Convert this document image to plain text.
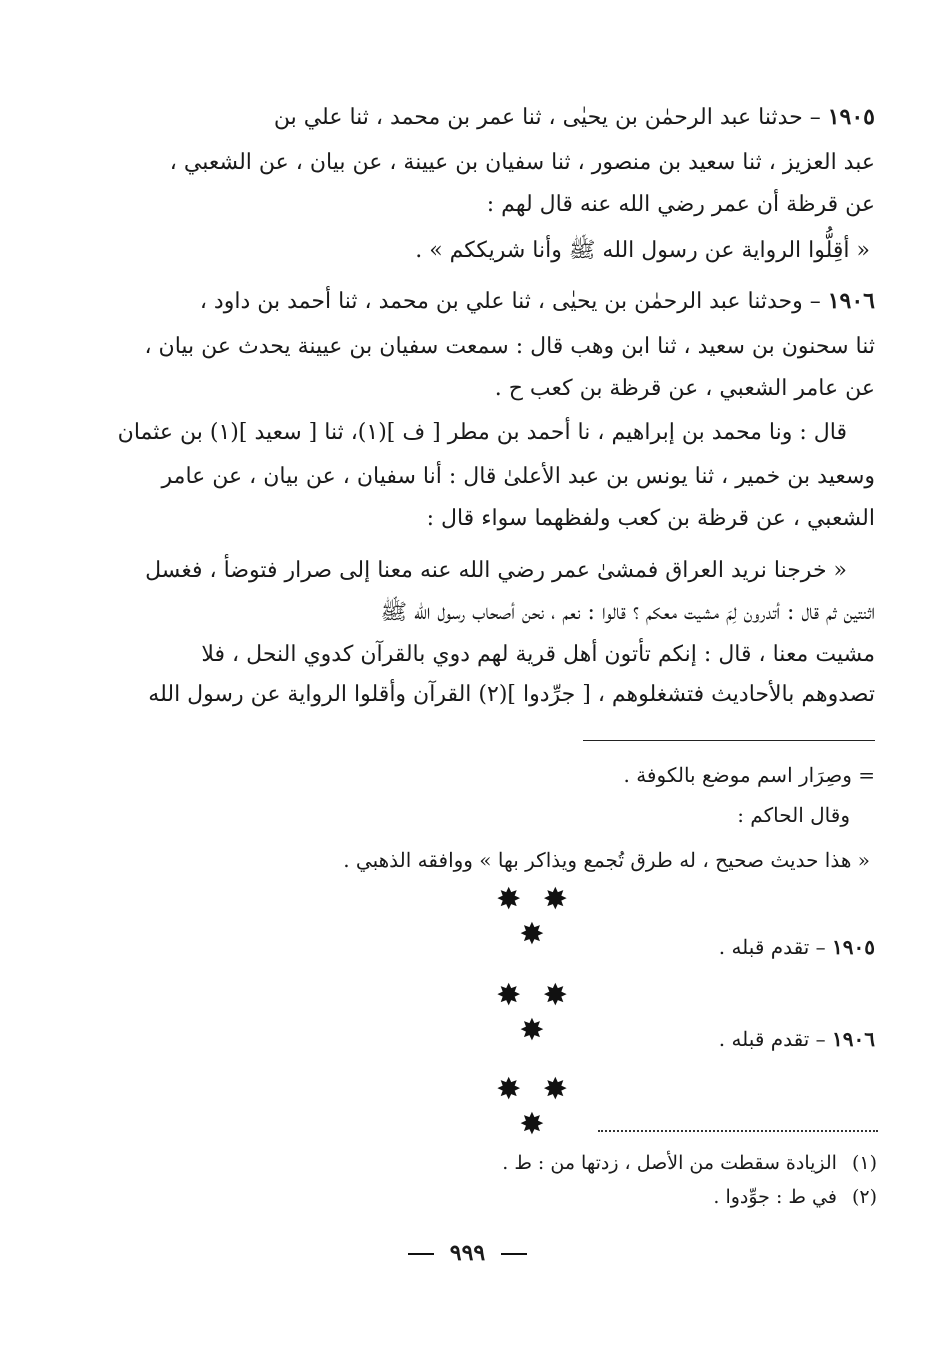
١٩٠٥ – حدثنا عبد الرحمٰن بن يحيٰى ، ثنا عمر بن محمد ، ثنا علي بن
عبد العزيز ، ثنا سعيد بن منصور ، ثنا سفيان بن عيينة ، عن بيان ، عن الشعبي ،
عن قرظة أن عمر رضي الله عنه قال لهم :
« أقِلُّوا الرواية عن رسول الله ﷺ وأنا شريككم » .
١٩٠٦ – وحدثنا عبد الرحمٰن بن يحيٰى ، ثنا علي بن محمد ، ثنا أحمد بن داود ،
ثنا سحنون بن سعيد ، ثنا ابن وهب قال : سمعت سفيان بن عيينة يحدث عن بيان ،
عن عامر الشعبي ، عن قرظة بن كعب ح .
قال : ونا محمد بن إبراهيم ، نا أحمد بن مطر [ ف ](١)، ثنا [ سعيد ](١) بن عثمان
وسعيد بن خمير ، ثنا يونس بن عبد الأعلىٰ قال : أنا سفيان ، عن بيان ، عن عامر
الشعبي ، عن قرظة بن كعب ولفظهما سواء قال :
« خرجنا نريد العراق فمشىٰ عمر رضي الله عنه معنا إلى صرار فتوضأ ، فغسل
اثنتين ثم قال : أتدرون لِمَ مشيت معكم ؟ قالوا : نعم ، نحن أصحاب رسول الله ﷺ
مشيت معنا ، قال : إنكم تأتون أهل قرية لهم دوي بالقرآن كدوي النحل ، فلا
تصدوهم بالأحاديث فتشغلوهم ، [ جرِّدوا ](٢) القرآن وأقلوا الرواية عن رسول الله
= وصِرَار اسم موضع بالكوفة .
وقال الحاكم :
« هذا حديث صحيح ، له طرق تُجمع ويذاكر بها » ووافقه الذهبي .
✸ ✸ ✸	١٩٠٥ – تقدم قبله .
✸ ✸ ✸	١٩٠٦ – تقدم قبله .
✸ ✸ ✸
(١) الزيادة سقطت من الأصل ، زدتها من : ط .
(٢) في ط : جوِّدوا .
٩٩٩
